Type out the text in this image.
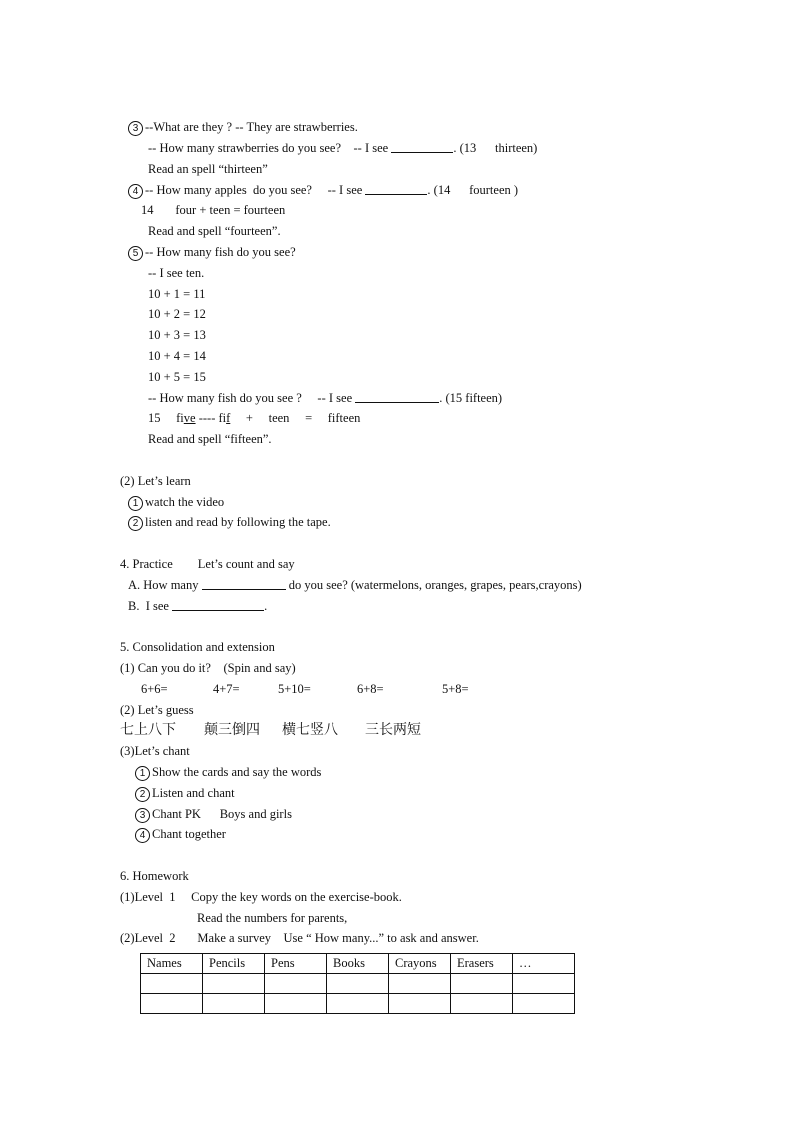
3 --What are they ? -- They are strawberries.
-- How many strawberries do you see? -- I see	. (13 thirteen)
Read an spell “thirteen”
4 -- How many apples  do you see? -- I see	. (14 fourteen )
14 four + teen = fourteen
Read and spell “fourteen”.
5 -- How many fish do you see?
-- I see ten.
10 + 1 = 11
10 + 2 = 12
10 + 3 = 13
10 + 4 = 14
10 + 5 = 15
-- How many fish do you see ? -- I see	. (15 fifteen)
15 five ---- fif + teen = fifteen
Read and spell “fifteen”.
(2) Let’s learn
1 watch the video
2 listen and read by following the tape.
4. Practice Let’s count and say
A. How many	do you see? (watermelons, oranges, grapes, pears,crayons)
B.  I see	.
5. Consolidation and extension
(1) Can you do it?    (Spin and say)
6+6=	4+7=	5+10=	6+8=	5+8=
(2) Let’s guess
七上八下 颠三倒四 横七竖八 三长两短
(3)Let’s chant
1 Show the cards and say the words
2 Listen and chant
3 Chant PK      Boys and girls
4 Chant together
6. Homework
(1)Level  1 Copy the key words on the exercise-book.
Read the numbers for parents,
(2)Level  2 Make a survey Use “ How many...” to ask and answer.
Names	Pencils	Pens	Books	Crayons	Erasers	…
